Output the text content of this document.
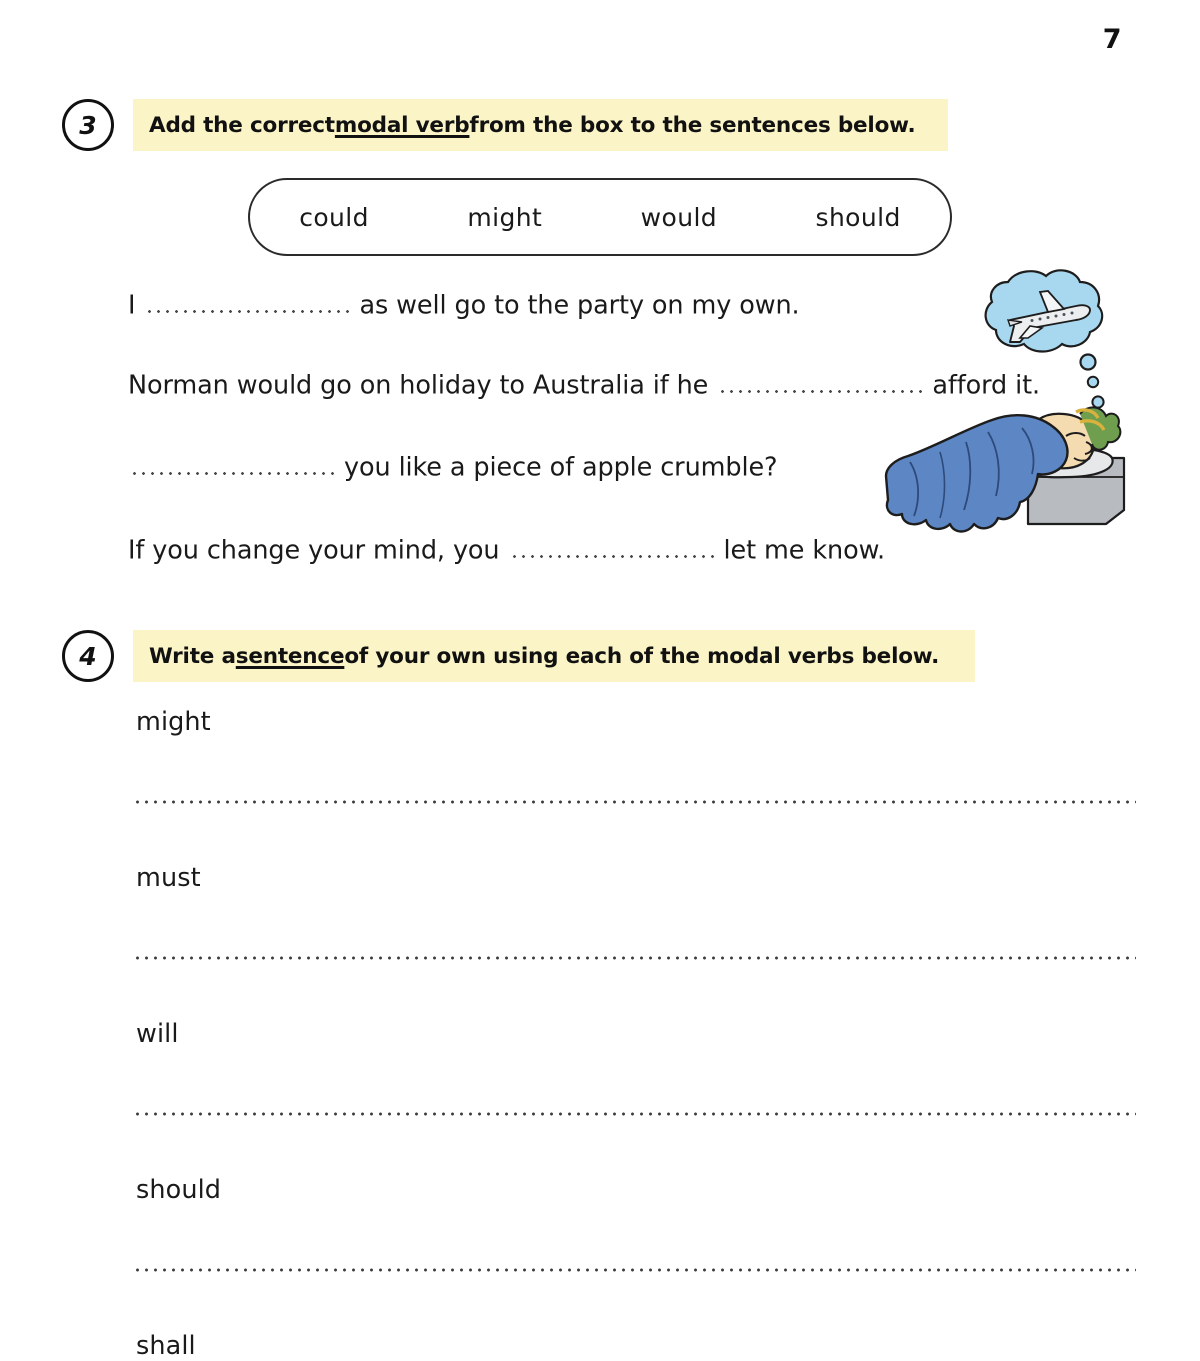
7
3	Add the correct modal verb from the box to the sentences below.
could	might	would	should
I	as well go to the party on my own.
Norman would go on holiday to Australia if he	afford it.
you like a piece of apple crumble?
If you change your mind, you	let me know.
4	Write a sentence of your own using each of the modal verbs below.
might
must
will
should
shall
